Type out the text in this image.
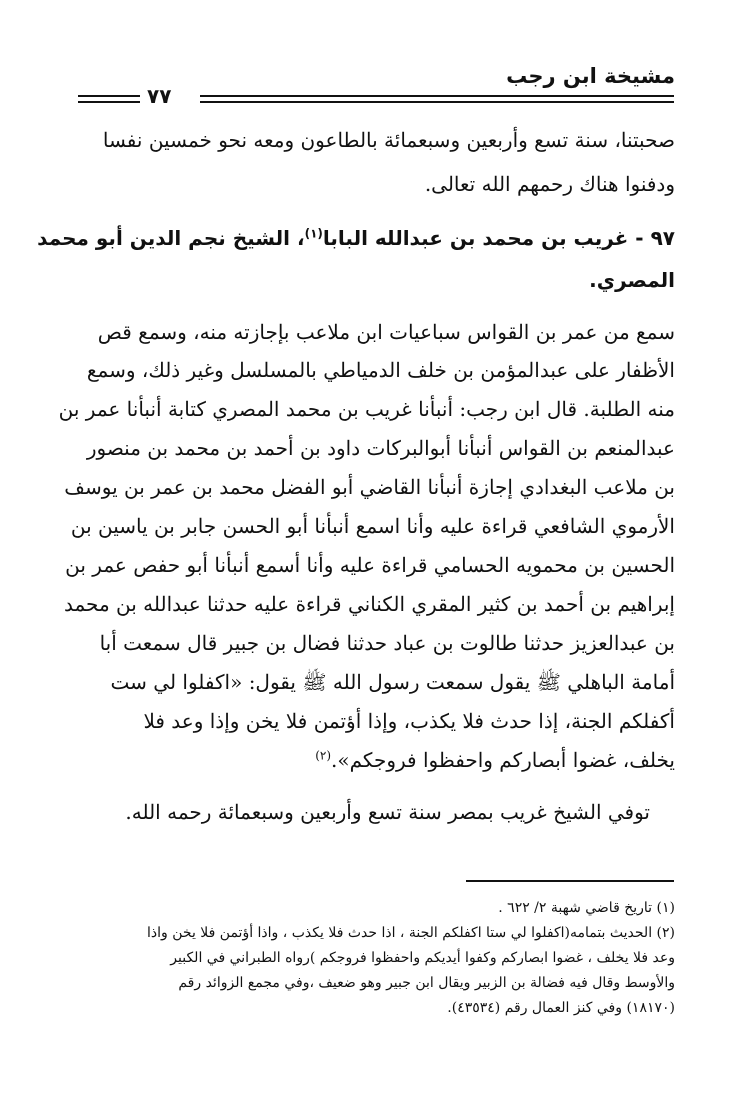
مشيخة ابن رجب
٧٧
صحبتنا، سنة تسع وأربعين وسبعمائة بالطاعون ومعه نحو خمسين نفسا
ودفنوا هناك رحمهم الله تعالى.
٩٧ - غريب بن محمد بن عبدالله البابا$^{(١)}$، الشيخ نجم الدين أبو محمد
المصري.
سمع من عمر بن القواس سباعيات ابن ملاعب بإجازته منه، وسمع قص
الأظفار على عبدالمؤمن بن خلف الدمياطي بالمسلسل وغير ذلك، وسمع
منه الطلبة. قال ابن رجب: أنبأنا غريب بن محمد المصري كتابة أنبأنا عمر بن
عبدالمنعم بن القواس أنبأنا أبوالبركات داود بن أحمد بن محمد بن منصور
بن ملاعب البغدادي إجازة أنبأنا القاضي أبو الفضل محمد بن عمر بن يوسف
الأرموي الشافعي قراءة عليه وأنا اسمع أنبأنا أبو الحسن جابر بن ياسين بن
الحسين بن محمويه الحسامي قراءة عليه وأنا أسمع أنبأنا أبو حفص عمر بن
إبراهيم بن أحمد بن كثير المقري الكناني قراءة عليه حدثنا عبدالله بن محمد
بن عبدالعزيز حدثنا طالوت بن عباد حدثنا فضال بن جبير قال سمعت أبا
أمامة الباهلي ﷺ يقول سمعت رسول الله ﷺ يقول: «اكفلوا لي ست
أكفلكم الجنة، إذا حدث فلا يكذب، وإذا أؤتمن فلا يخن وإذا وعد فلا
يخلف، غضوا أبصاركم واحفظوا فروجكم».$^{(٢)}$
توفي الشيخ غريب بمصر سنة تسع وأربعين وسبعمائة رحمه الله.
(١) تاريخ قاضي شهبة ٢/ ٦٢٢ .
(٢) الحديث بتمامه(اكفلوا لي ستا اكفلكم الجنة ، اذا حدث فلا يكذب ، واذا أؤتمن فلا يخن واذا
وعد فلا يخلف ، غضوا ابصاركم وكفوا أيديكم واحفظوا فروجكم )رواه الطبراني في الكبير
والأوسط وقال فيه فضالة بن الزبير ويقال ابن جبير وهو ضعيف ،وفي مجمع الزوائد رقم
(١٨١٧٠) وفي كنز العمال رقم (٤٣٥٣٤).
